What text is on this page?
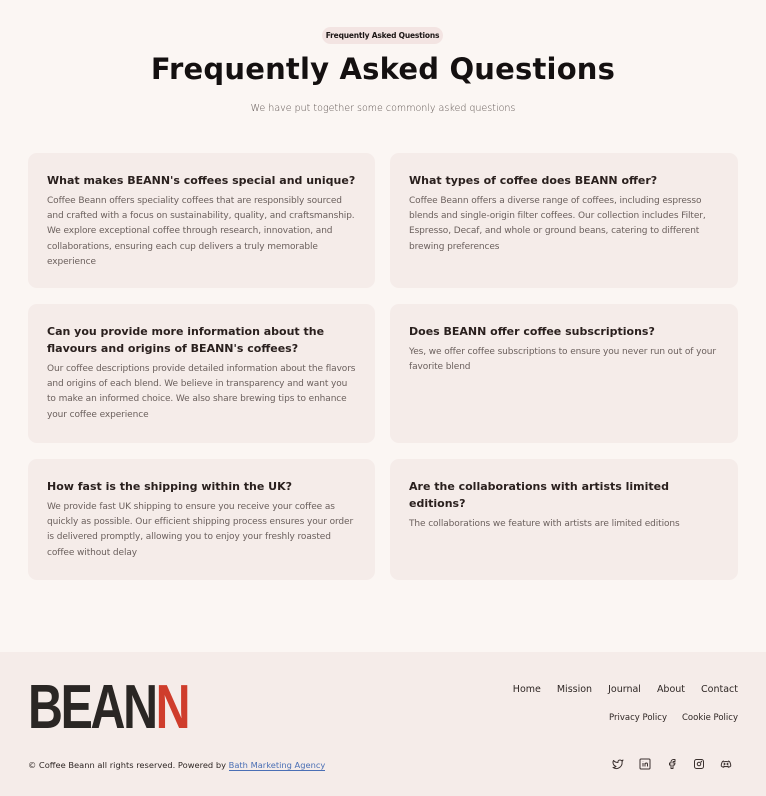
Frequently Asked Questions
Frequently Asked Questions

We have put together some commonly asked questions

What makes BEANN's coffees special and unique?

Coffee Beann offers speciality coffees that are responsibly sourced and crafted with a focus on sustainability, quality, and craftsmanship. We explore exceptional coffee through research, innovation, and collaborations, ensuring each cup delivers a truly memorable experience

What types of coffee does BEANN offer?

Coffee Beann offers a diverse range of coffees, including espresso blends and single-origin filter coffees. Our collection includes Filter, Espresso, Decaf, and whole or ground beans, catering to different brewing preferences

Can you provide more information about the flavours and origins of BEANN's coffees?

Our coffee descriptions provide detailed information about the flavors and origins of each blend. We believe in transparency and want you to make an informed choice. We also share brewing tips to enhance your coffee experience

Does BEANN offer coffee subscriptions?

Yes, we offer coffee subscriptions to ensure you never run out of your favorite blend

How fast is the shipping within the UK?

We provide fast UK shipping to ensure you receive your coffee as quickly as possible. Our efficient shipping process ensures your order is delivered promptly, allowing you to enjoy your freshly roasted coffee without delay

Are the collaborations with artists limited editions?

The collaborations we feature with artists are limited editions

BEANN	Home Mission Journal About Contact
Privacy Policy Cookie Policy
© Coffee Beann all rights reserved. Powered by Bath Marketing Agency
